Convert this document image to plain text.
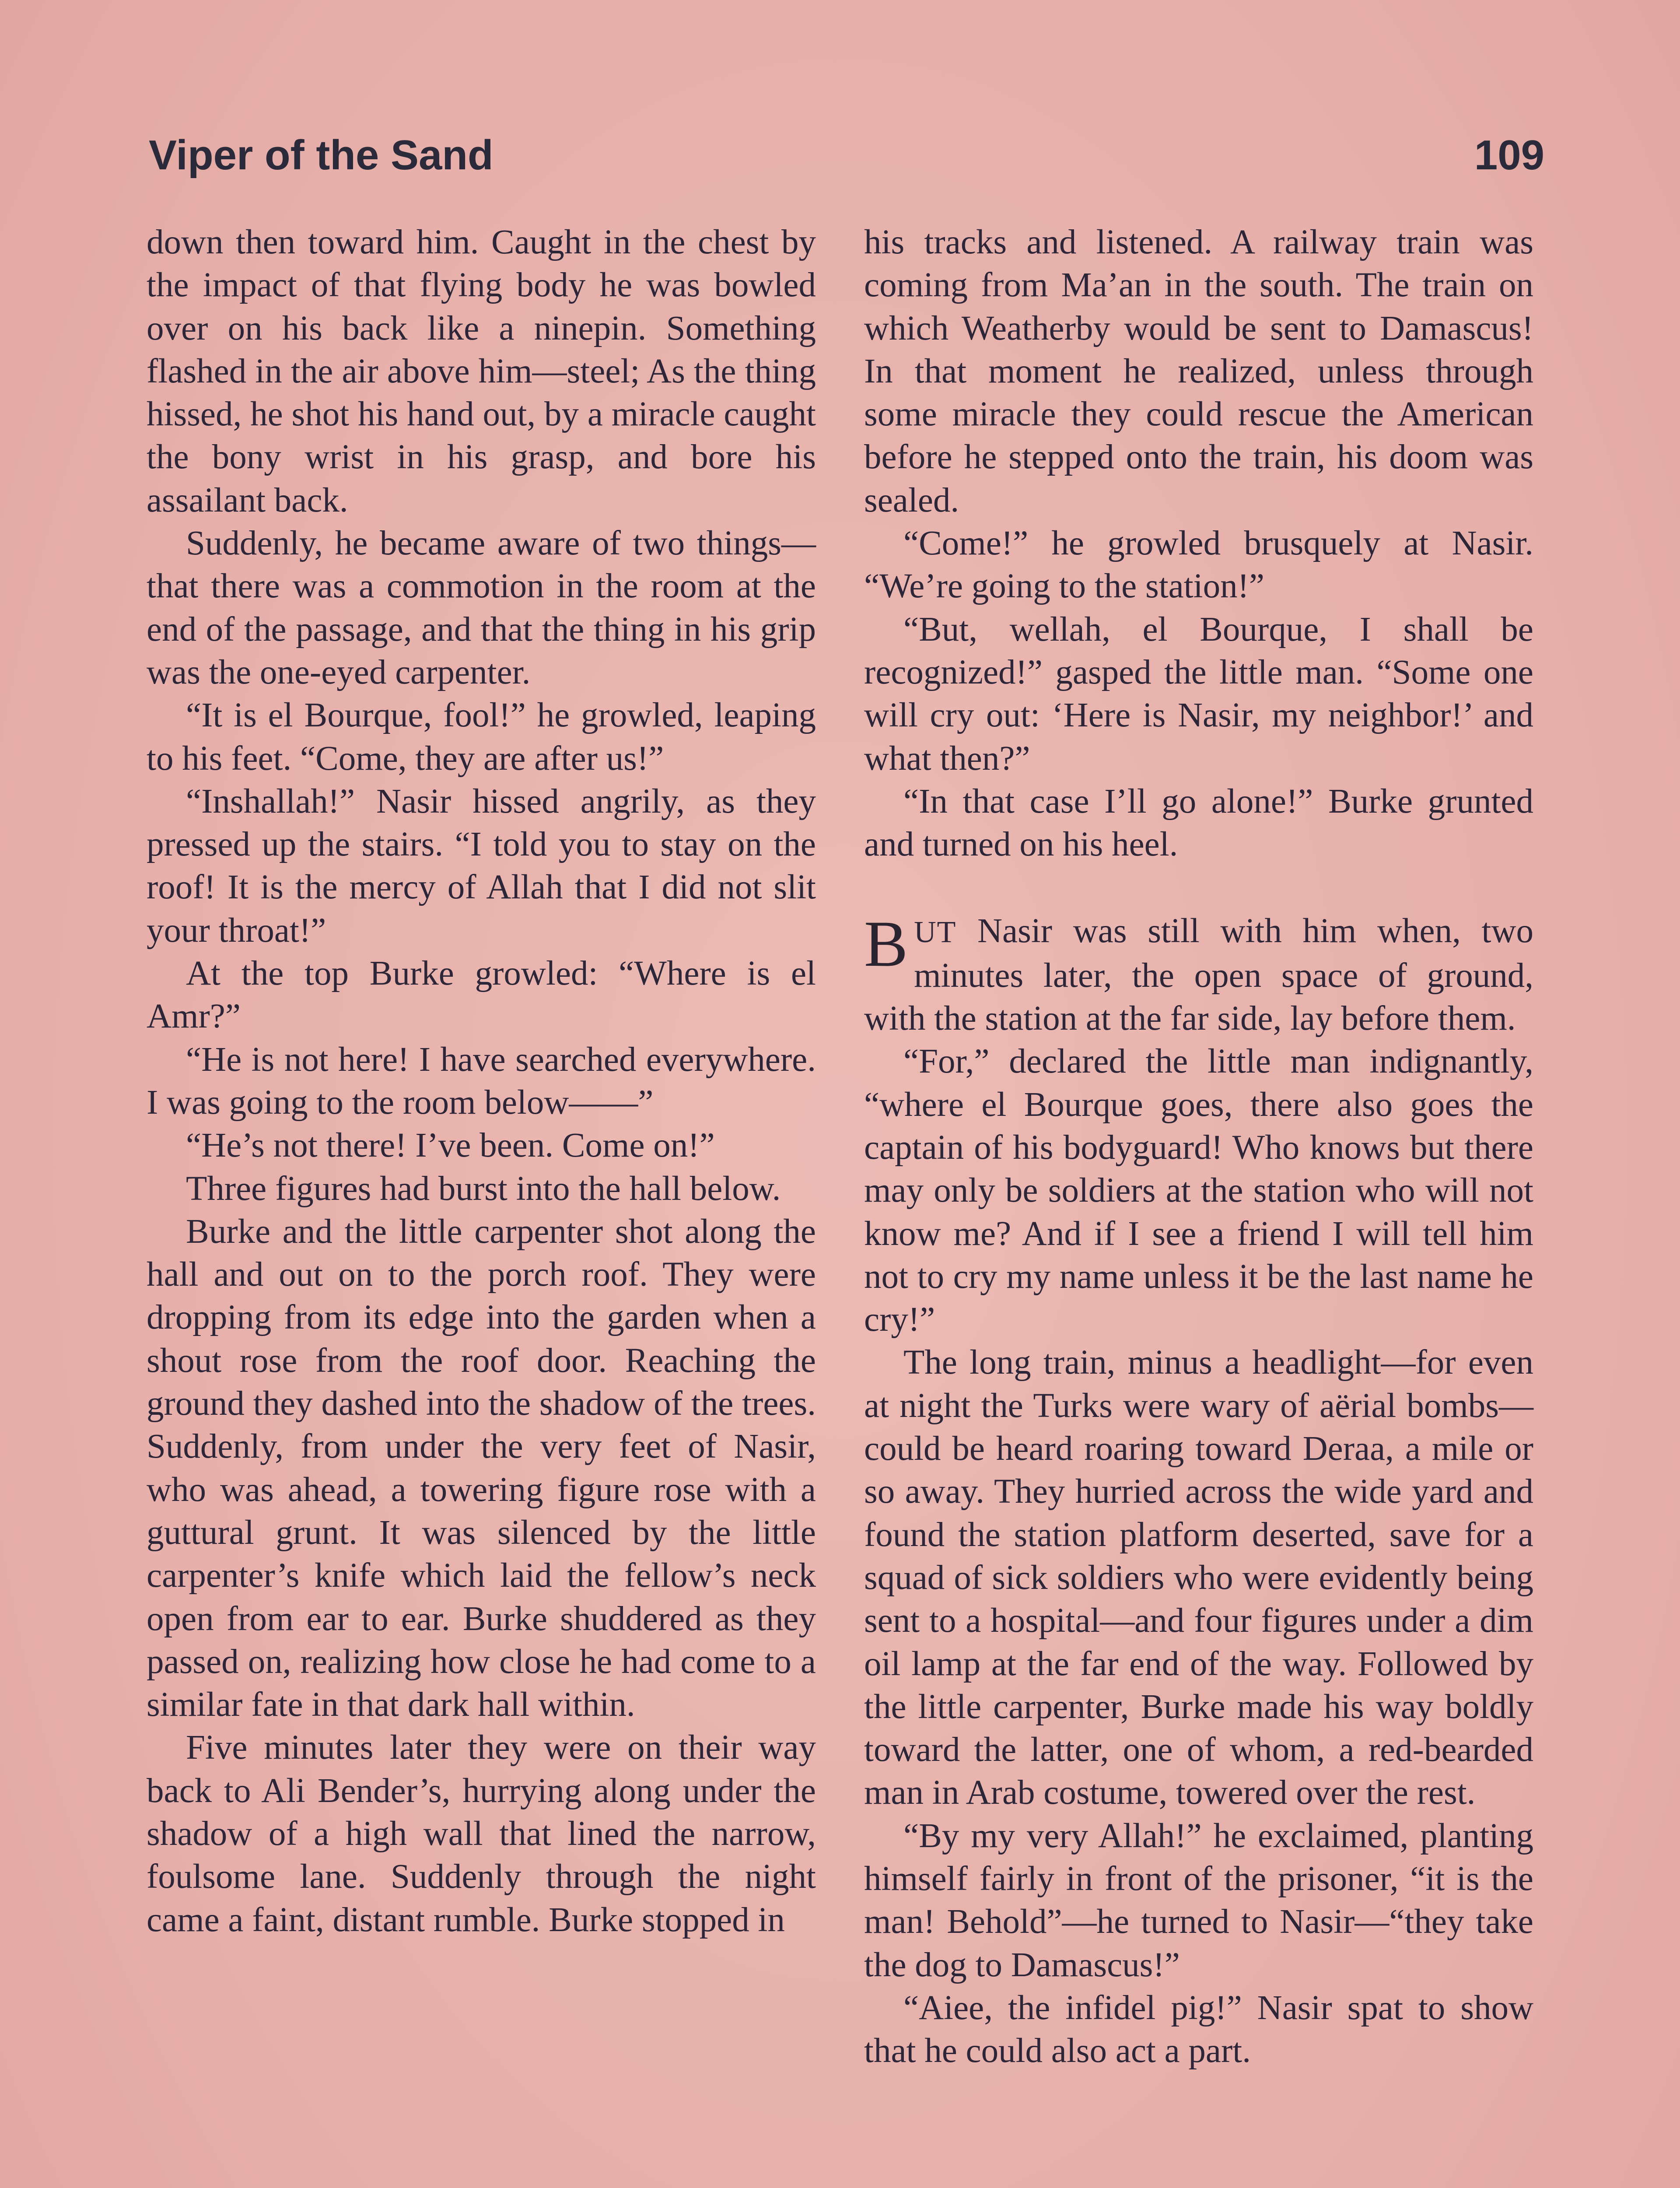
Viper of the Sand	109

down then toward him. Caught in the chest by the impact of that flying body he was bowled over on his back like a ninepin. Something flashed in the air above him—steel; As the thing hissed, he shot his hand out, by a miracle caught the bony wrist in his grasp, and bore his assailant back.

Suddenly, he became aware of two things—that there was a commotion in the room at the end of the passage, and that the thing in his grip was the one-eyed carpenter.

“It is el Bourque, fool!” he growled, leaping to his feet. “Come, they are after us!”

“Inshallah!” Nasir hissed angrily, as they pressed up the stairs. “I told you to stay on the roof! It is the mercy of Allah that I did not slit your throat!”

At the top Burke growled: “Where is el Amr?”

“He is not here! I have searched everywhere. I was going to the room below——”

“He’s not there! I’ve been. Come on!”

Three figures had burst into the hall below.

Burke and the little carpenter shot along the hall and out on to the porch roof. They were dropping from its edge into the garden when a shout rose from the roof door. Reaching the ground they dashed into the shadow of the trees. Suddenly, from under the very feet of Nasir, who was ahead, a towering figure rose with a guttural grunt. It was silenced by the little carpenter’s knife which laid the fellow’s neck open from ear to ear. Burke shuddered as they passed on, realizing how close he had come to a similar fate in that dark hall within.

Five minutes later they were on their way back to Ali Bender’s, hurrying along under the shadow of a high wall that lined the narrow, foulsome lane. Suddenly through the night came a faint, distant rumble. Burke stopped in

his tracks and listened. A railway train was coming from Ma’an in the south. The train on which Weatherby would be sent to Damascus! In that moment he realized, unless through some miracle they could rescue the American before he stepped onto the train, his doom was sealed.

“Come!” he growled brusquely at Nasir. “We’re going to the station!”

“But, wellah, el Bourque, I shall be recognized!” gasped the little man. “Some one will cry out: ‘Here is Nasir, my neighbor!’ and what then?”

“In that case I’ll go alone!” Burke grunted and turned on his heel.

BUT Nasir was still with him when, two minutes later, the open space of ground, with the station at the far side, lay before them.

“For,” declared the little man indignantly, “where el Bourque goes, there also goes the captain of his bodyguard! Who knows but there may only be soldiers at the station who will not know me? And if I see a friend I will tell him not to cry my name unless it be the last name he cry!”

The long train, minus a headlight—for even at night the Turks were wary of aërial bombs—could be heard roaring toward Deraa, a mile or so away. They hurried across the wide yard and found the station platform deserted, save for a squad of sick soldiers who were evidently being sent to a hospital—and four figures under a dim oil lamp at the far end of the way. Followed by the little carpenter, Burke made his way boldly toward the latter, one of whom, a red-bearded man in Arab costume, towered over the rest.

“By my very Allah!” he exclaimed, planting himself fairly in front of the prisoner, “it is the man! Behold”—he turned to Nasir—“they take the dog to Damascus!”

“Aiee, the infidel pig!” Nasir spat to show that he could also act a part.
